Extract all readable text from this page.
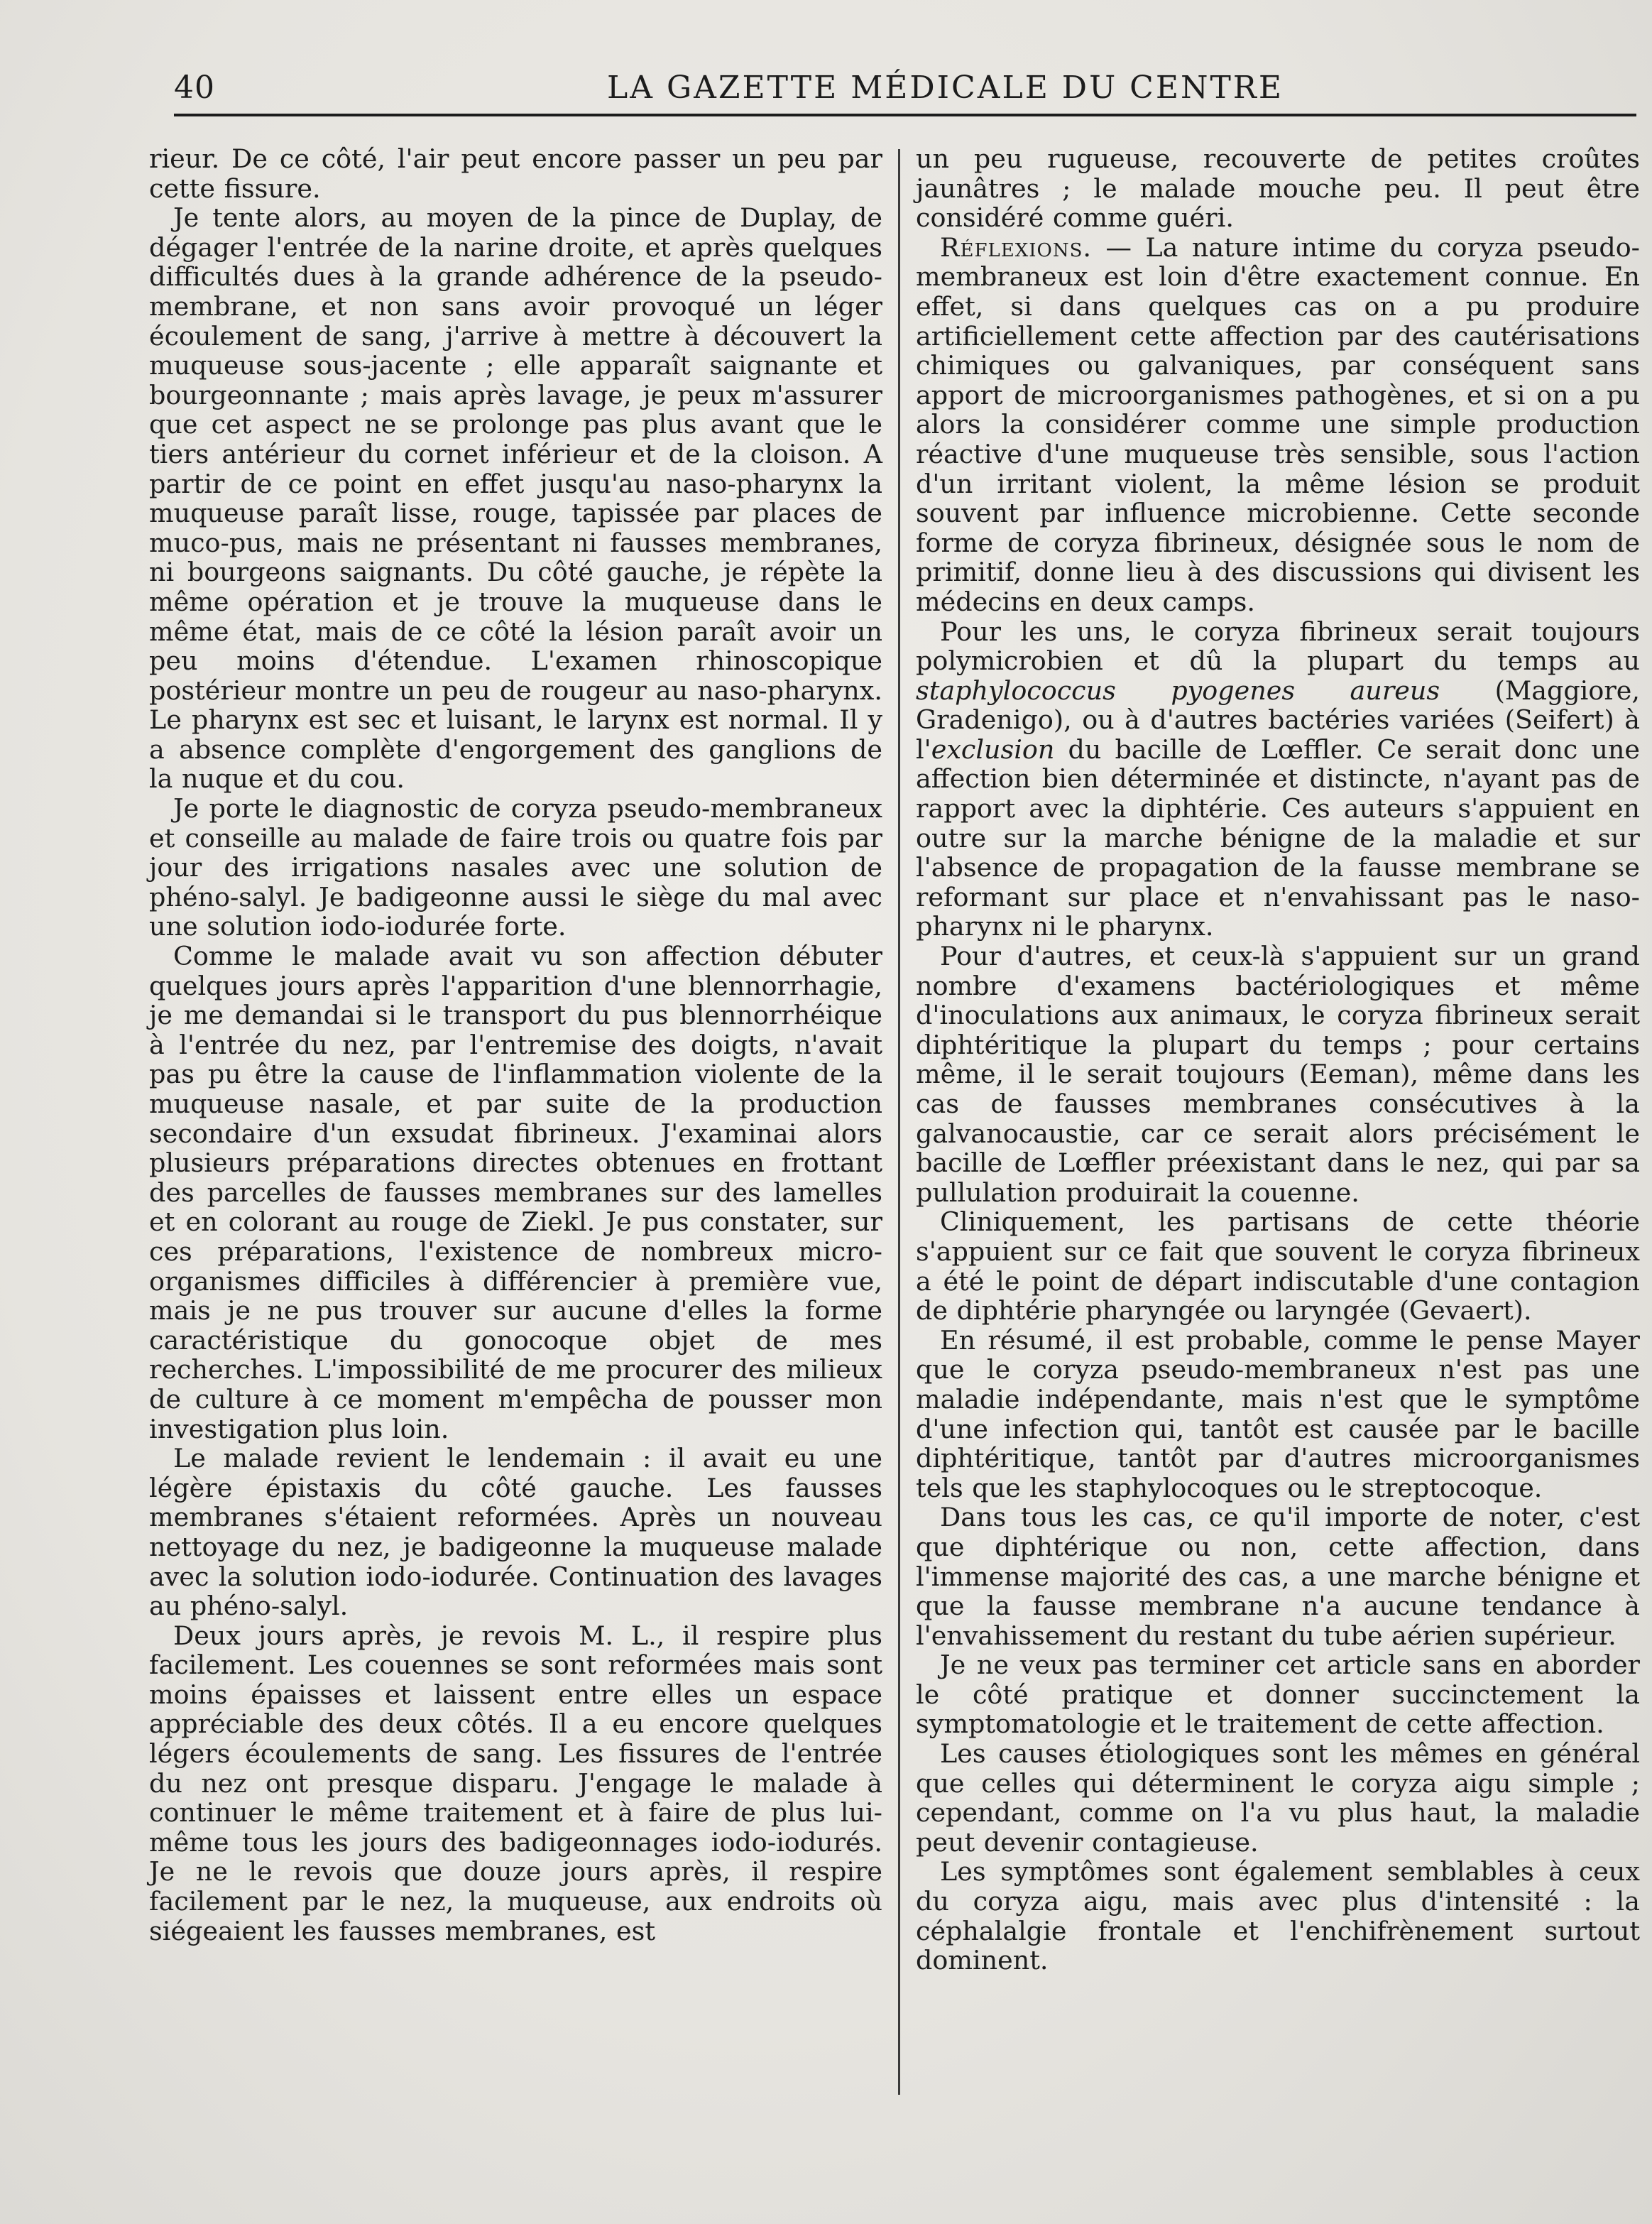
40	LA GAZETTE MÉDICALE DU CENTRE

rieur. De ce côté, l'air peut encore passer un peu par cette fissure.

Je tente alors, au moyen de la pince de Duplay, de dégager l'entrée de la narine droite, et après quelques difficultés dues à la grande adhérence de la pseudo-membrane, et non sans avoir provoqué un léger écoulement de sang, j'arrive à mettre à découvert la muqueuse sous-jacente ; elle apparaît saignante et bourgeonnante ; mais après lavage, je peux m'assurer que cet aspect ne se prolonge pas plus avant que le tiers antérieur du cornet inférieur et de la cloison. A partir de ce point en effet jusqu'au naso-pharynx la muqueuse paraît lisse, rouge, tapissée par places de muco-pus, mais ne présentant ni fausses membranes, ni bourgeons saignants. Du côté gauche, je répète la même opération et je trouve la muqueuse dans le même état, mais de ce côté la lésion paraît avoir un peu moins d'étendue. L'examen rhinoscopique postérieur montre un peu de rougeur au naso-pharynx. Le pharynx est sec et luisant, le larynx est normal. Il y a absence complète d'engorgement des ganglions de la nuque et du cou.

Je porte le diagnostic de coryza pseudo-membraneux et conseille au malade de faire trois ou quatre fois par jour des irrigations nasales avec une solution de phéno-salyl. Je badigeonne aussi le siège du mal avec une solution iodo-iodurée forte.

Comme le malade avait vu son affection débuter quelques jours après l'apparition d'une blennorrhagie, je me demandai si le transport du pus blennorrhéique à l'entrée du nez, par l'entremise des doigts, n'avait pas pu être la cause de l'inflammation violente de la muqueuse nasale, et par suite de la production secondaire d'un exsudat fibrineux. J'examinai alors plusieurs préparations directes obtenues en frottant des parcelles de fausses membranes sur des lamelles et en colorant au rouge de Ziekl. Je pus constater, sur ces préparations, l'existence de nombreux micro-organismes difficiles à différencier à première vue, mais je ne pus trouver sur aucune d'elles la forme caractéristique du gonocoque objet de mes recherches. L'impossibilité de me procurer des milieux de culture à ce moment m'empêcha de pousser mon investigation plus loin.

Le malade revient le lendemain : il avait eu une légère épistaxis du côté gauche. Les fausses membranes s'étaient reformées. Après un nouveau nettoyage du nez, je badigeonne la muqueuse malade avec la solution iodo-iodurée. Continuation des lavages au phéno-salyl.

Deux jours après, je revois M. L., il respire plus facilement. Les couennes se sont reformées mais sont moins épaisses et laissent entre elles un espace appréciable des deux côtés. Il a eu encore quelques légers écoulements de sang. Les fissures de l'entrée du nez ont presque disparu. J'engage le malade à continuer le même traitement et à faire de plus lui-même tous les jours des badigeonnages iodo-iodurés. Je ne le revois que douze jours après, il respire facilement par le nez, la muqueuse, aux endroits où siégeaient les fausses membranes, est

un peu rugueuse, recouverte de petites croûtes jaunâtres ; le malade mouche peu. Il peut être considéré comme guéri.

Réflexions. — La nature intime du coryza pseudo-membraneux est loin d'être exactement connue. En effet, si dans quelques cas on a pu produire artificiellement cette affection par des cautérisations chimiques ou galvaniques, par conséquent sans apport de microorganismes pathogènes, et si on a pu alors la considérer comme une simple production réactive d'une muqueuse très sensible, sous l'action d'un irritant violent, la même lésion se produit souvent par influence microbienne. Cette seconde forme de coryza fibrineux, désignée sous le nom de primitif, donne lieu à des discussions qui divisent les médecins en deux camps.

Pour les uns, le coryza fibrineux serait toujours polymicrobien et dû la plupart du temps au staphylococcus pyogenes aureus (Maggiore, Gradenigo), ou à d'autres bactéries variées (Seifert) à l'exclusion du bacille de Lœffler. Ce serait donc une affection bien déterminée et distincte, n'ayant pas de rapport avec la diphtérie. Ces auteurs s'appuient en outre sur la marche bénigne de la maladie et sur l'absence de propagation de la fausse membrane se reformant sur place et n'envahissant pas le naso-pharynx ni le pharynx.

Pour d'autres, et ceux-là s'appuient sur un grand nombre d'examens bactériologiques et même d'inoculations aux animaux, le coryza fibrineux serait diphtéritique la plupart du temps ; pour certains même, il le serait toujours (Eeman), même dans les cas de fausses membranes consécutives à la galvanocaustie, car ce serait alors précisément le bacille de Lœffler préexistant dans le nez, qui par sa pullulation produirait la couenne.

Cliniquement, les partisans de cette théorie s'appuient sur ce fait que souvent le coryza fibrineux a été le point de départ indiscutable d'une contagion de diphtérie pharyngée ou laryngée (Gevaert).

En résumé, il est probable, comme le pense Mayer que le coryza pseudo-membraneux n'est pas une maladie indépendante, mais n'est que le symptôme d'une infection qui, tantôt est causée par le bacille diphtéritique, tantôt par d'autres microorganismes tels que les staphylocoques ou le streptocoque.

Dans tous les cas, ce qu'il importe de noter, c'est que diphtérique ou non, cette affection, dans l'immense majorité des cas, a une marche bénigne et que la fausse membrane n'a aucune tendance à l'envahissement du restant du tube aérien supérieur.

Je ne veux pas terminer cet article sans en aborder le côté pratique et donner succinctement la symptomatologie et le traitement de cette affection.

Les causes étiologiques sont les mêmes en général que celles qui déterminent le coryza aigu simple ; cependant, comme on l'a vu plus haut, la maladie peut devenir contagieuse.

Les symptômes sont également semblables à ceux du coryza aigu, mais avec plus d'intensité : la céphalalgie frontale et l'enchifrènement surtout dominent.
